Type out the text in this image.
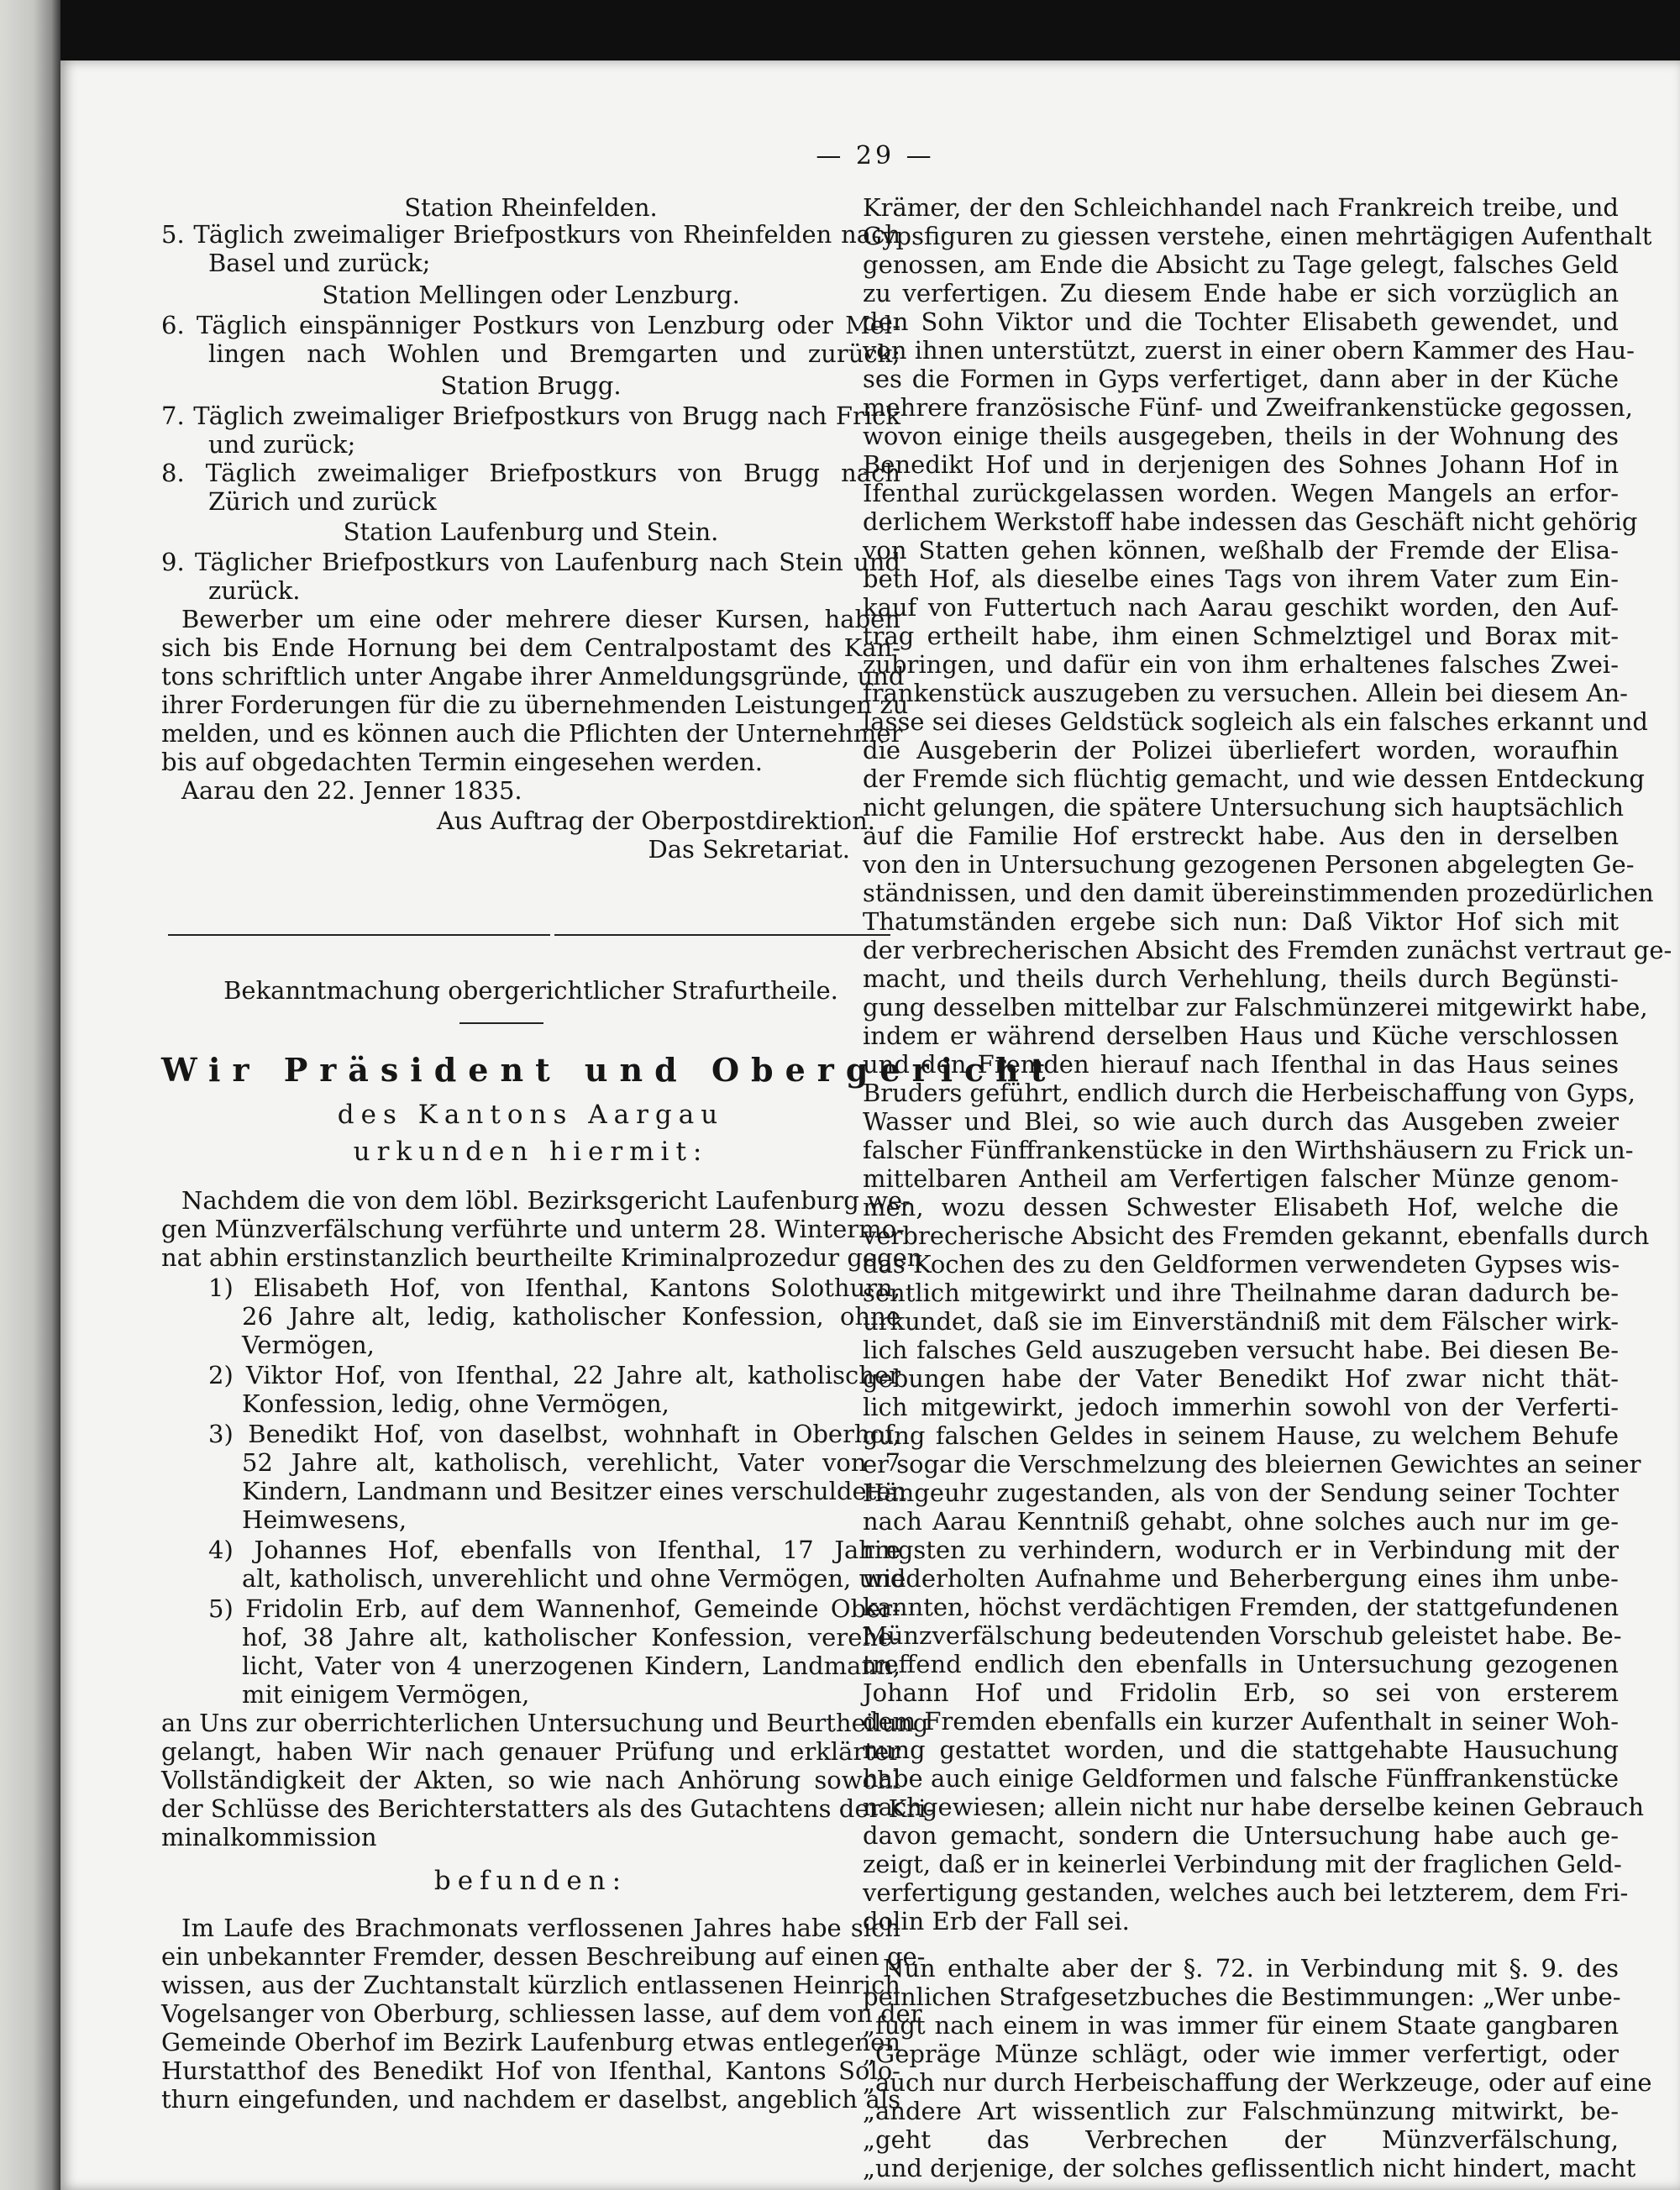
— 29 —
Station Rheinfelden.
5. Täglich zweimaliger Briefpostkurs von Rheinfelden nach
Basel und zurück;
Station Mellingen oder Lenzburg.
6. Täglich einspänniger Postkurs von Lenzburg oder Mel-
lingen nach Wohlen und Bremgarten und zurück;
Station Brugg.
7. Täglich zweimaliger Briefpostkurs von Brugg nach Frick
und zurück;
8. Täglich zweimaliger Briefpostkurs von Brugg nach
Zürich und zurück
Station Laufenburg und Stein.
9. Täglicher Briefpostkurs von Laufenburg nach Stein und
zurück.
Bewerber um eine oder mehrere dieser Kursen, haben
sich bis Ende Hornung bei dem Centralpostamt des Kan-
tons schriftlich unter Angabe ihrer Anmeldungsgründe, und
ihrer Forderungen für die zu übernehmenden Leistungen zu
melden, und es können auch die Pflichten der Unternehmer
bis auf obgedachten Termin eingesehen werden.
Aarau den 22. Jenner 1835.
Aus Auftrag der Oberpostdirektion.
Das Sekretariat.
Bekanntmachung obergerichtlicher Strafurtheile.
Wir Präsident und Obergericht
des Kantons Aargau
urkunden hiermit:
Nachdem die von dem löbl. Bezirksgericht Laufenburg we-
gen Münzverfälschung verführte und unterm 28. Wintermo-
nat abhin erstinstanzlich beurtheilte Kriminalprozedur gegen
1) Elisabeth Hof, von Ifenthal, Kantons Solothurn,
26 Jahre alt, ledig, katholischer Konfession, ohne
Vermögen,
2) Viktor Hof, von Ifenthal, 22 Jahre alt, katholischer
Konfession, ledig, ohne Vermögen,
3) Benedikt Hof, von daselbst, wohnhaft in Oberhof,
52 Jahre alt, katholisch, verehlicht, Vater von 7
Kindern, Landmann und Besitzer eines verschuldeten
Heimwesens,
4) Johannes Hof, ebenfalls von Ifenthal, 17 Jahre
alt, katholisch, unverehlicht und ohne Vermögen, und
5) Fridolin Erb, auf dem Wannenhof, Gemeinde Ober-
hof, 38 Jahre alt, katholischer Konfession, verehe-
licht, Vater von 4 unerzogenen Kindern, Landmann,
mit einigem Vermögen,
an Uns zur oberrichterlichen Untersuchung und Beurtheilung
gelangt, haben Wir nach genauer Prüfung und erklärter
Vollständigkeit der Akten, so wie nach Anhörung sowohl
der Schlüsse des Berichterstatters als des Gutachtens der Kri-
minalkommission
befunden:
Im Laufe des Brachmonats verflossenen Jahres habe sich
ein unbekannter Fremder, dessen Beschreibung auf einen ge-
wissen, aus der Zuchtanstalt kürzlich entlassenen Heinrich
Vogelsanger von Oberburg, schliessen lasse, auf dem von der
Gemeinde Oberhof im Bezirk Laufenburg etwas entlegenen
Hurstatthof des Benedikt Hof von Ifenthal, Kantons Solo-
thurn eingefunden, und nachdem er daselbst, angeblich als
Krämer, der den Schleichhandel nach Frankreich treibe, und
Gypsfiguren zu giessen verstehe, einen mehrtägigen Aufenthalt
genossen, am Ende die Absicht zu Tage gelegt, falsches Geld
zu verfertigen. Zu diesem Ende habe er sich vorzüglich an
den Sohn Viktor und die Tochter Elisabeth gewendet, und
von ihnen unterstützt, zuerst in einer obern Kammer des Hau-
ses die Formen in Gyps verfertiget, dann aber in der Küche
mehrere französische Fünf- und Zweifrankenstücke gegossen,
wovon einige theils ausgegeben, theils in der Wohnung des
Benedikt Hof und in derjenigen des Sohnes Johann Hof in
Ifenthal zurückgelassen worden. Wegen Mangels an erfor-
derlichem Werkstoff habe indessen das Geschäft nicht gehörig
von Statten gehen können, weßhalb der Fremde der Elisa-
beth Hof, als dieselbe eines Tags von ihrem Vater zum Ein-
kauf von Futtertuch nach Aarau geschikt worden, den Auf-
trag ertheilt habe, ihm einen Schmelztigel und Borax mit-
zubringen, und dafür ein von ihm erhaltenes falsches Zwei-
frankenstück auszugeben zu versuchen. Allein bei diesem An-
lasse sei dieses Geldstück sogleich als ein falsches erkannt und
die Ausgeberin der Polizei überliefert worden, woraufhin
der Fremde sich flüchtig gemacht, und wie dessen Entdeckung
nicht gelungen, die spätere Untersuchung sich hauptsächlich
auf die Familie Hof erstreckt habe. Aus den in derselben
von den in Untersuchung gezogenen Personen abgelegten Ge-
ständnissen, und den damit übereinstimmenden prozedürlichen
Thatumständen ergebe sich nun: Daß Viktor Hof sich mit
der verbrecherischen Absicht des Fremden zunächst vertraut ge-
macht, und theils durch Verhehlung, theils durch Begünsti-
gung desselben mittelbar zur Falschmünzerei mitgewirkt habe,
indem er während derselben Haus und Küche verschlossen
und den Fremden hierauf nach Ifenthal in das Haus seines
Bruders geführt, endlich durch die Herbeischaffung von Gyps,
Wasser und Blei, so wie auch durch das Ausgeben zweier
falscher Fünffrankenstücke in den Wirthshäusern zu Frick un-
mittelbaren Antheil am Verfertigen falscher Münze genom-
men, wozu dessen Schwester Elisabeth Hof, welche die
verbrecherische Absicht des Fremden gekannt, ebenfalls durch
das Kochen des zu den Geldformen verwendeten Gypses wis-
sentlich mitgewirkt und ihre Theilnahme daran dadurch be-
urkundet, daß sie im Einverständniß mit dem Fälscher wirk-
lich falsches Geld auszugeben versucht habe. Bei diesen Be-
gebungen habe der Vater Benedikt Hof zwar nicht thät-
lich mitgewirkt, jedoch immerhin sowohl von der Verferti-
gung falschen Geldes in seinem Hause, zu welchem Behufe
er sogar die Verschmelzung des bleiernen Gewichtes an seiner
Hängeuhr zugestanden, als von der Sendung seiner Tochter
nach Aarau Kenntniß gehabt, ohne solches auch nur im ge-
ringsten zu verhindern, wodurch er in Verbindung mit der
wiederholten Aufnahme und Beherbergung eines ihm unbe-
kannten, höchst verdächtigen Fremden, der stattgefundenen
Münzverfälschung bedeutenden Vorschub geleistet habe. Be-
treffend endlich den ebenfalls in Untersuchung gezogenen
Johann Hof und Fridolin Erb, so sei von ersterem
dem Fremden ebenfalls ein kurzer Aufenthalt in seiner Woh-
nung gestattet worden, und die stattgehabte Hausuchung
habe auch einige Geldformen und falsche Fünffrankenstücke
nachgewiesen; allein nicht nur habe derselbe keinen Gebrauch
davon gemacht, sondern die Untersuchung habe auch ge-
zeigt, daß er in keinerlei Verbindung mit der fraglichen Geld-
verfertigung gestanden, welches auch bei letzterem, dem Fri-
dolin Erb der Fall sei.
Nun enthalte aber der §. 72. in Verbindung mit §. 9. des
peinlichen Strafgesetzbuches die Bestimmungen: „Wer unbe-
„fugt nach einem in was immer für einem Staate gangbaren
„Gepräge Münze schlägt, oder wie immer verfertigt, oder
„auch nur durch Herbeischaffung der Werkzeuge, oder auf eine
„andere Art wissentlich zur Falschmünzung mitwirkt, be-
„geht das Verbrechen der Münzverfälschung,
„und derjenige, der solches geflissentlich nicht hindert, macht
